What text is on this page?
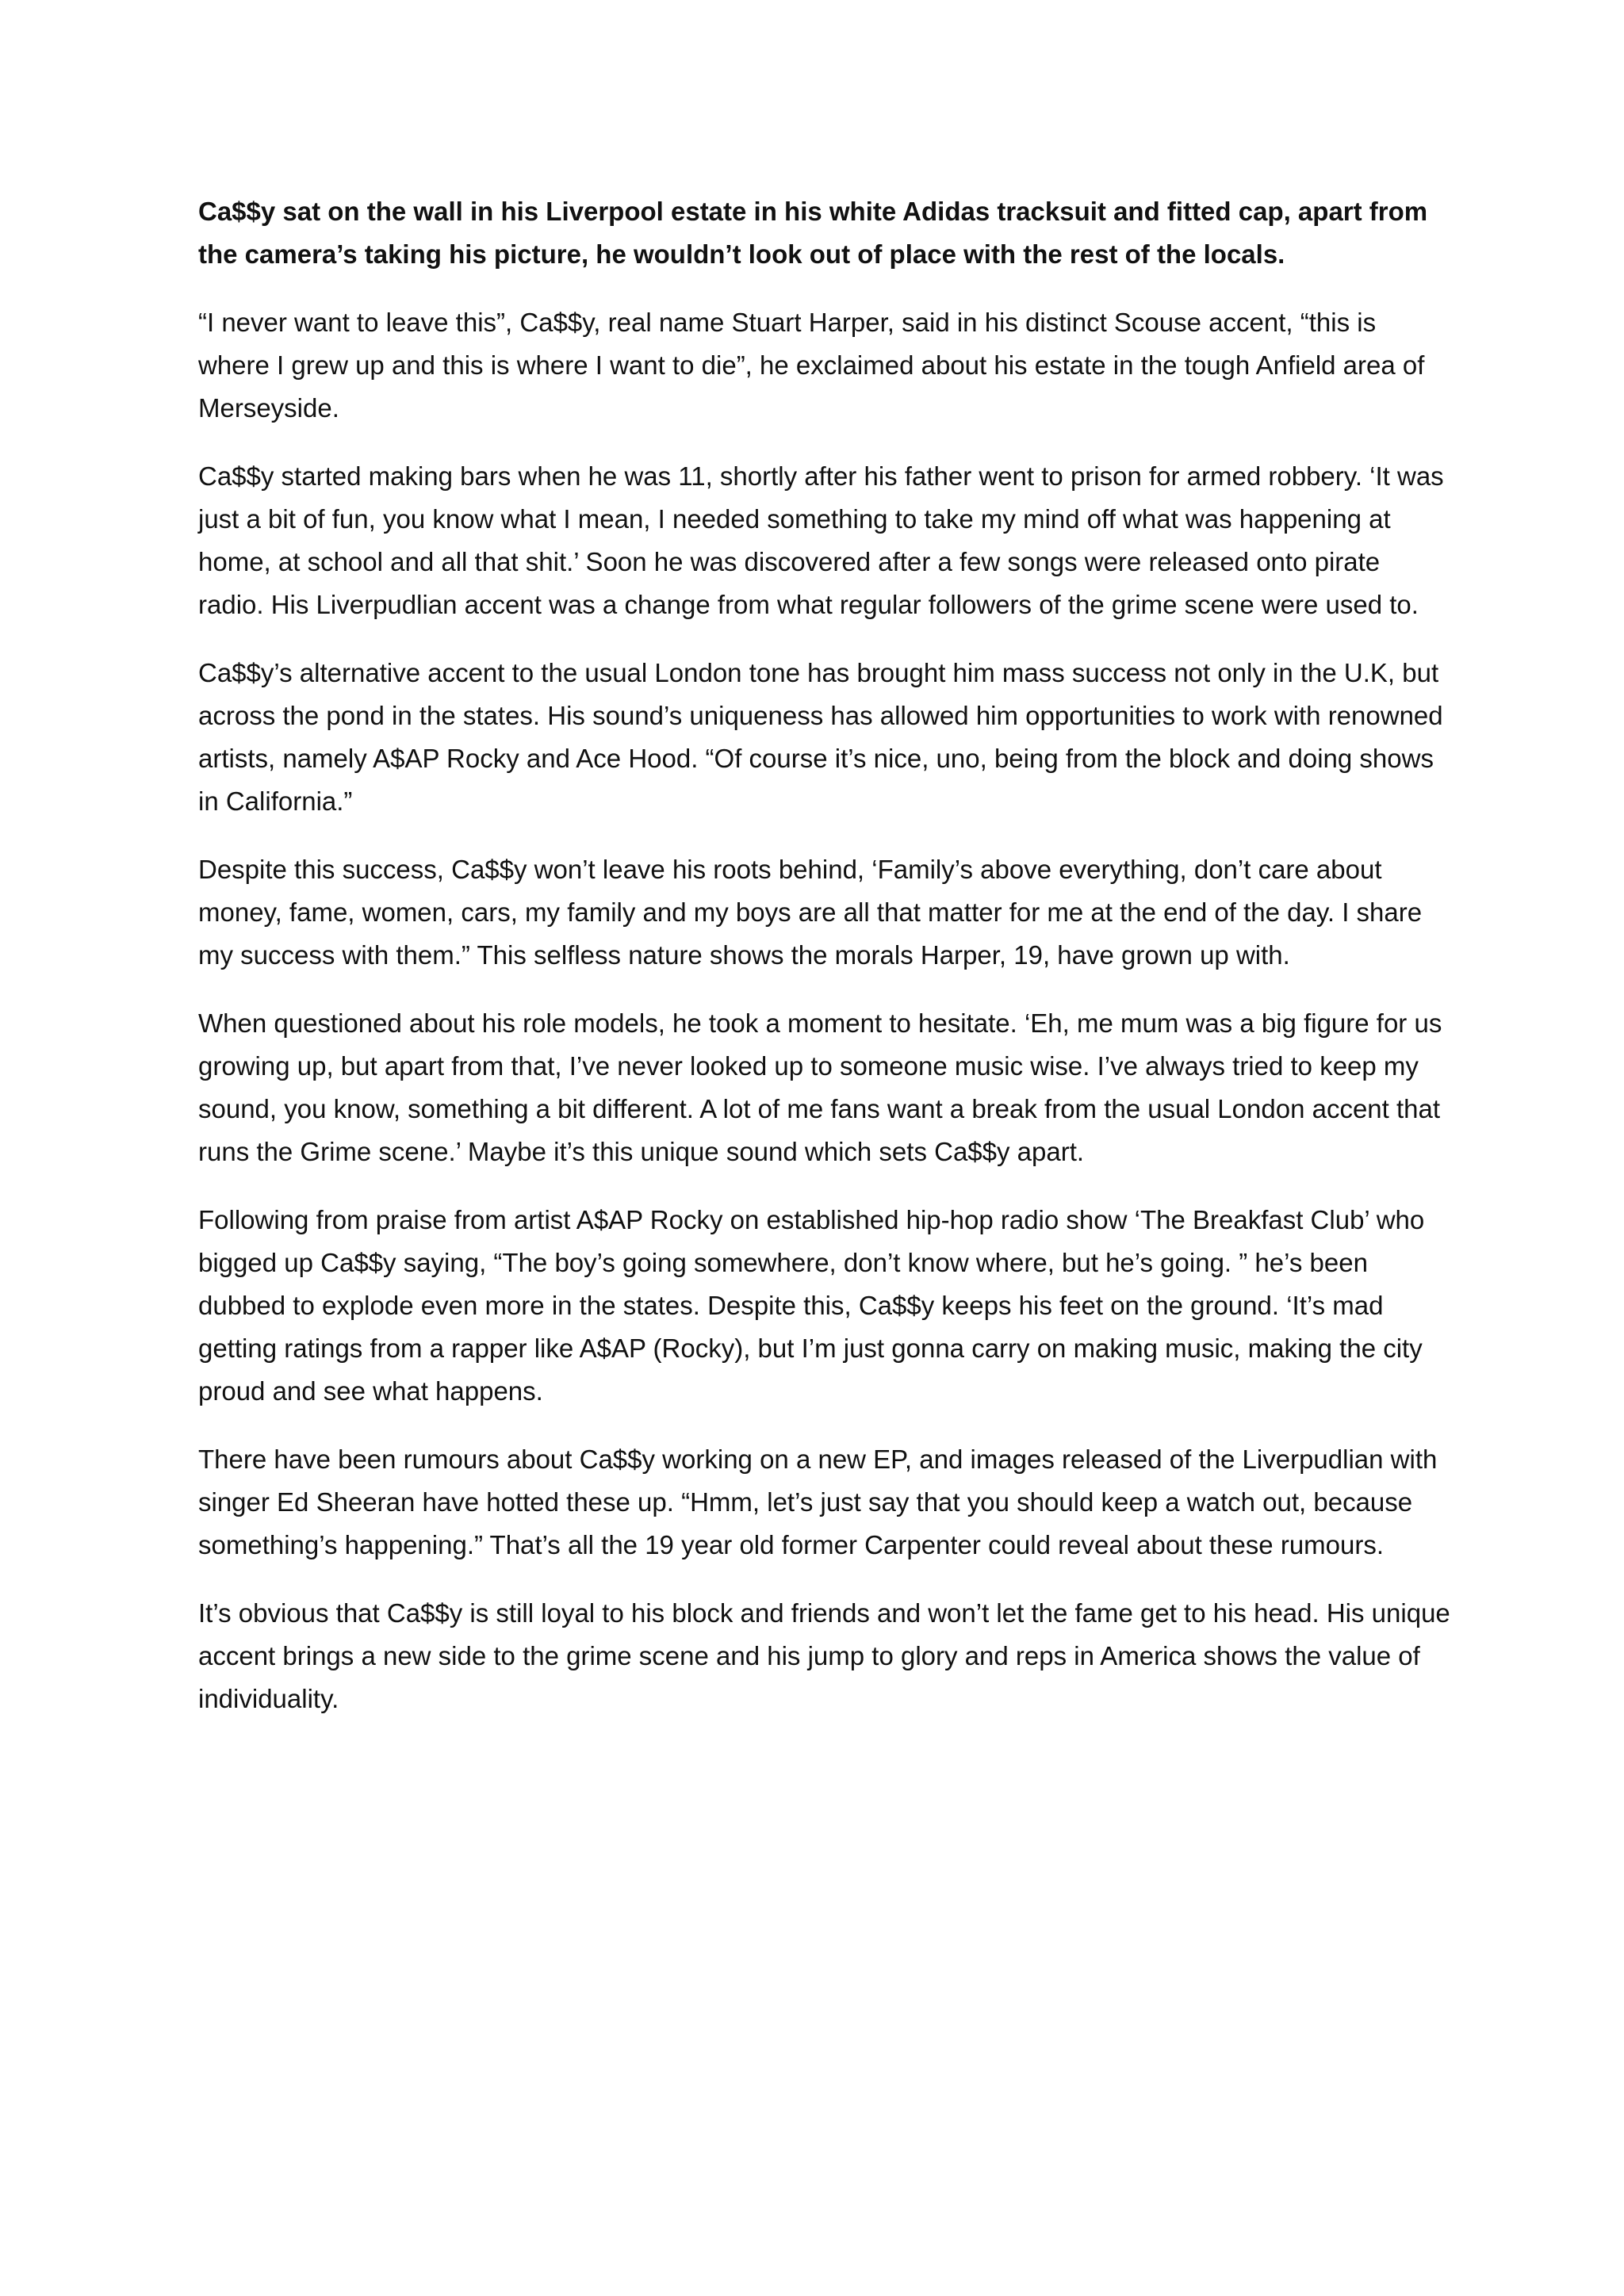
Ca$$y sat on the wall in his Liverpool estate in his white Adidas tracksuit and fitted cap, apart from the camera’s taking his picture, he wouldn’t look out of place with the rest of the locals.

“I never want to leave this”, Ca$$y, real name Stuart Harper, said in his distinct Scouse accent, “this is where I grew up and this is where I want to die”, he exclaimed about his estate in the tough Anfield area of Merseyside.

Ca$$y started making bars when he was 11, shortly after his father went to prison for armed robbery. ‘It was just a bit of fun, you know what I mean, I needed something to take my mind off what was happening at home, at school and all that shit.’ Soon he was discovered after a few songs were released onto pirate radio. His Liverpudlian accent was a change from what regular followers of the grime scene were used to.

Ca$$y’s alternative accent to the usual London tone has brought him mass success not only in the U.K, but across the pond in the states. His sound’s uniqueness has allowed him opportunities to work with renowned artists, namely A$AP Rocky and Ace Hood. “Of course it’s nice, uno, being from the block and doing shows in California.”

Despite this success, Ca$$y won’t leave his roots behind, ‘Family’s above everything, don’t care about money, fame, women, cars, my family and my boys are all that matter for me at the end of the day. I share my success with them.” This selfless nature shows the morals Harper, 19, have grown up with.

When questioned about his role models, he took a moment to hesitate. ‘Eh, me mum was a big figure for us growing up, but apart from that, I’ve never looked up to someone music wise. I’ve always tried to keep my sound, you know, something a bit different. A lot of me fans want a break from the usual London accent that runs the Grime scene.’ Maybe it’s this unique sound which sets Ca$$y apart.

Following from praise from artist A$AP Rocky on established hip-hop radio show ‘The Breakfast Club’ who bigged up Ca$$y saying, “The boy’s going somewhere, don’t know where, but he’s going. ” he’s been dubbed to explode even more in the states. Despite this, Ca$$y keeps his feet on the ground. ‘It’s mad getting ratings from a rapper like A$AP (Rocky), but I’m just gonna carry on making music, making the city proud and see what happens.

There have been rumours about Ca$$y working on a new EP, and images released of the Liverpudlian with singer Ed Sheeran have hotted these up. “Hmm, let’s just say that you should keep a watch out, because something’s happening.” That’s all the 19 year old former Carpenter could reveal about these rumours.

It’s obvious that Ca$$y is still loyal to his block and friends and won’t let the fame get to his head. His unique accent brings a new side to the grime scene and his jump to glory and reps in America shows the value of individuality.
